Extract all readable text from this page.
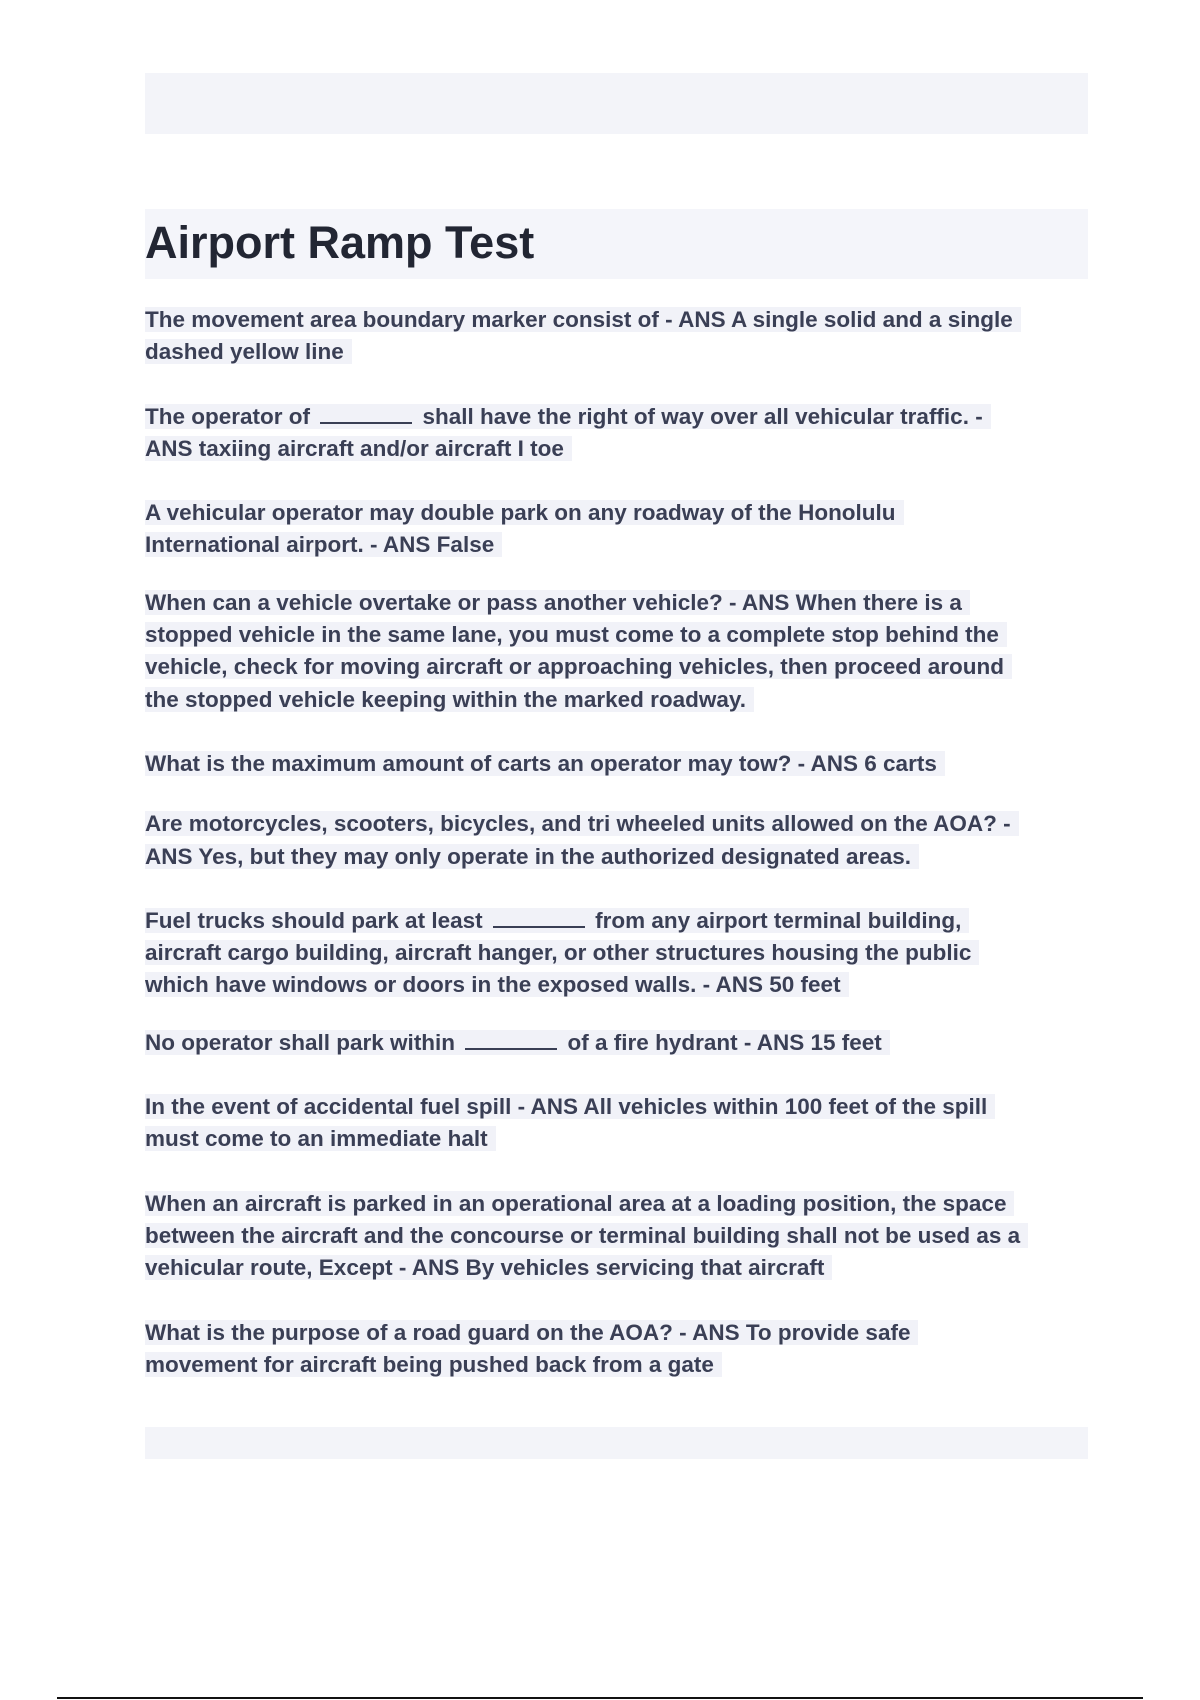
Airport Ramp Test

The movement area boundary marker consist of - ANS A single solid and a single
dashed yellow line

The operator of	shall have the right of way over all vehicular traffic. -
ANS taxiing aircraft and/or aircraft I toe

A vehicular operator may double park on any roadway of the Honolulu
International airport. - ANS False

When can a vehicle overtake or pass another vehicle? - ANS When there is a
stopped vehicle in the same lane, you must come to a complete stop behind the
vehicle, check for moving aircraft or approaching vehicles, then proceed around
the stopped vehicle keeping within the marked roadway.

What is the maximum amount of carts an operator may tow? - ANS 6 carts

Are motorcycles, scooters, bicycles, and tri wheeled units allowed on the AOA? -
ANS Yes, but they may only operate in the authorized designated areas.

Fuel trucks should park at least	from any airport terminal building,
aircraft cargo building, aircraft hanger, or other structures housing the public
which have windows or doors in the exposed walls. - ANS 50 feet

No operator shall park within	of a fire hydrant - ANS 15 feet

In the event of accidental fuel spill - ANS All vehicles within 100 feet of the spill
must come to an immediate halt

When an aircraft is parked in an operational area at a loading position, the space
between the aircraft and the concourse or terminal building shall not be used as a
vehicular route, Except - ANS By vehicles servicing that aircraft

What is the purpose of a road guard on the AOA? - ANS To provide safe
movement for aircraft being pushed back from a gate
